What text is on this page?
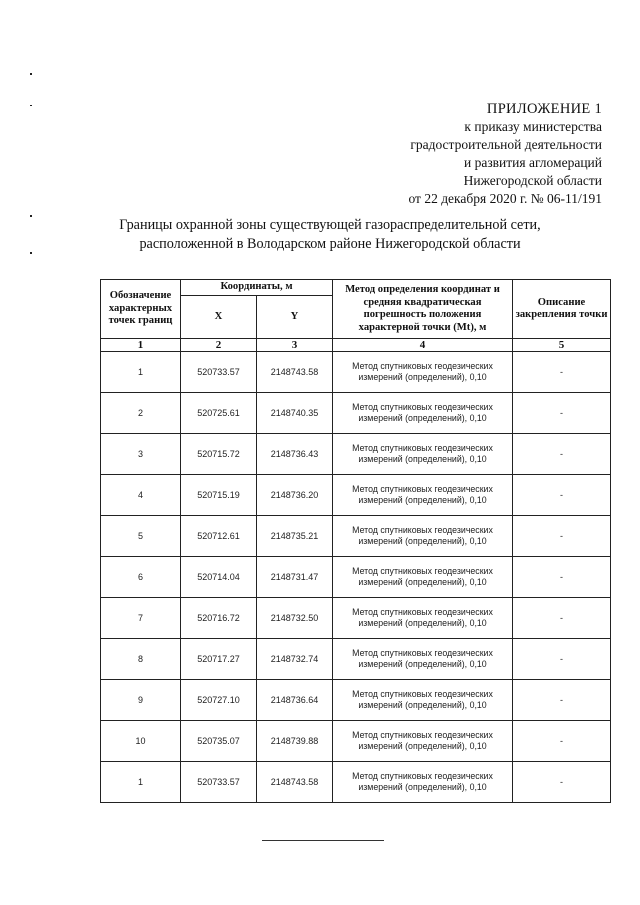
ПРИЛОЖЕНИЕ 1
к приказу министерства
градостроительной деятельности
и развития агломераций
Нижегородской области
от 22 декабря 2020 г. № 06-11/191
Границы охранной зоны существующей газораспределительной сети,
расположенной в Володарском районе Нижегородской области
Обозначение характерных точек границ	Координаты, м		Метод определения координат и средняя квадратическая погрешность положения характерной точки (Mt), м	Описание закрепления точки
	X	Y		
1	2	3	4	5
1	520733.57	2148743.58	Метод спутниковых геодезических измерений (определений), 0,10	-
2	520725.61	2148740.35	Метод спутниковых геодезических измерений (определений), 0,10	-
3	520715.72	2148736.43	Метод спутниковых геодезических измерений (определений), 0,10	-
4	520715.19	2148736.20	Метод спутниковых геодезических измерений (определений), 0,10	-
5	520712.61	2148735.21	Метод спутниковых геодезических измерений (определений), 0,10	-
6	520714.04	2148731.47	Метод спутниковых геодезических измерений (определений), 0,10	-
7	520716.72	2148732.50	Метод спутниковых геодезических измерений (определений), 0,10	-
8	520717.27	2148732.74	Метод спутниковых геодезических измерений (определений), 0,10	-
9	520727.10	2148736.64	Метод спутниковых геодезических измерений (определений), 0,10	-
10	520735.07	2148739.88	Метод спутниковых геодезических измерений (определений), 0,10	-
1	520733.57	2148743.58	Метод спутниковых геодезических измерений (определений), 0,10	-
